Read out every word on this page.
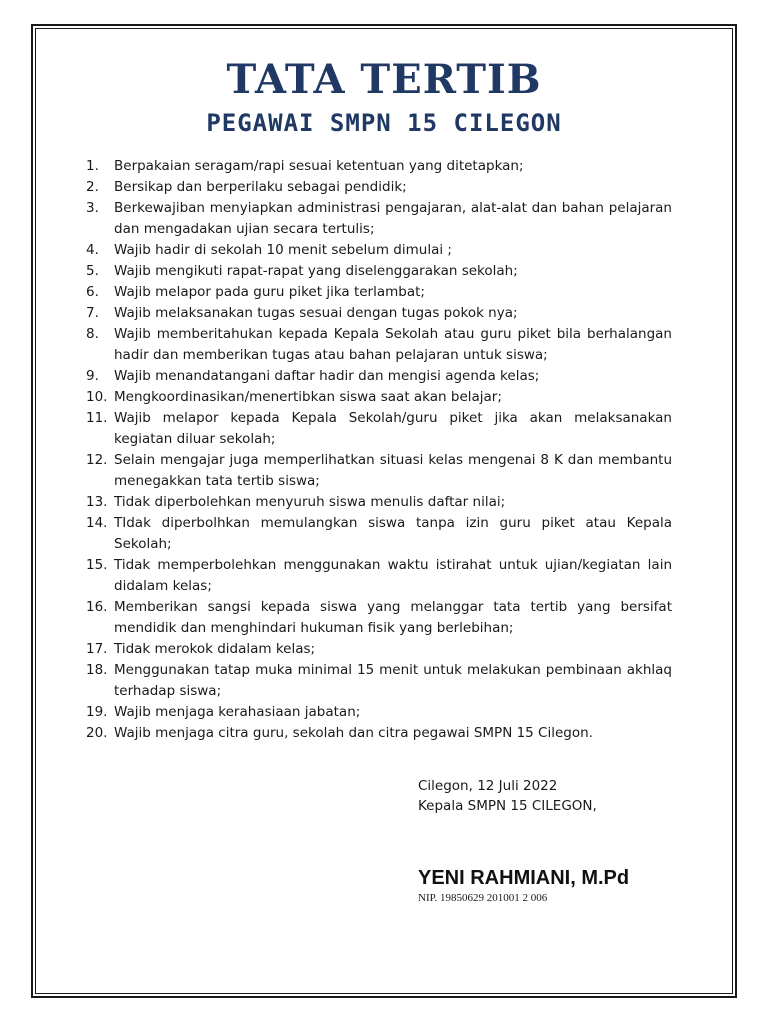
TATA TERTIB
PEGAWAI SMPN 15 CILEGON
1.	Berpakaian seragam/rapi sesuai ketentuan yang ditetapkan;
2.	Bersikap dan berperilaku sebagai pendidik;
3.	Berkewajiban menyiapkan administrasi pengajaran, alat-alat dan bahan pelajaran dan mengadakan ujian secara tertulis;
4.	Wajib hadir di sekolah 10 menit sebelum dimulai ;
5.	Wajib mengikuti rapat-rapat yang diselenggarakan sekolah;
6.	Wajib melapor pada guru piket jika terlambat;
7.	Wajib melaksanakan tugas sesuai dengan tugas pokok nya;
8.	Wajib memberitahukan kepada Kepala Sekolah atau guru piket bila berhalangan hadir dan memberikan tugas atau bahan pelajaran untuk siswa;
9.	Wajib menandatangani daftar hadir dan mengisi agenda kelas;
10. Mengkoordinasikan/menertibkan siswa saat akan belajar;
11. Wajib melapor kepada Kepala Sekolah/guru piket jika akan melaksanakan kegiatan diluar sekolah;
12. Selain mengajar juga memperlihatkan situasi kelas mengenai 8 K dan membantu menegakkan tata tertib siswa;
13. Tidak diperbolehkan menyuruh siswa menulis daftar nilai;
14. TIdak diperbolhkan memulangkan siswa tanpa izin guru piket atau Kepala Sekolah;
15. Tidak memperbolehkan menggunakan waktu istirahat untuk ujian/kegiatan lain didalam kelas;
16. Memberikan sangsi kepada siswa yang melanggar tata tertib yang bersifat mendidik dan menghindari hukuman fisik yang berlebihan;
17. Tidak merokok didalam kelas;
18. Menggunakan tatap muka minimal 15 menit untuk melakukan pembinaan akhlaq terhadap siswa;
19. Wajib menjaga kerahasiaan jabatan;
20. Wajib menjaga citra guru, sekolah dan citra pegawai SMPN 15 Cilegon.
Cilegon, 12 Juli 2022
Kepala SMPN 15 CILEGON,
YENI RAHMIANI, M.Pd
NIP. 19850629 201001 2 006
